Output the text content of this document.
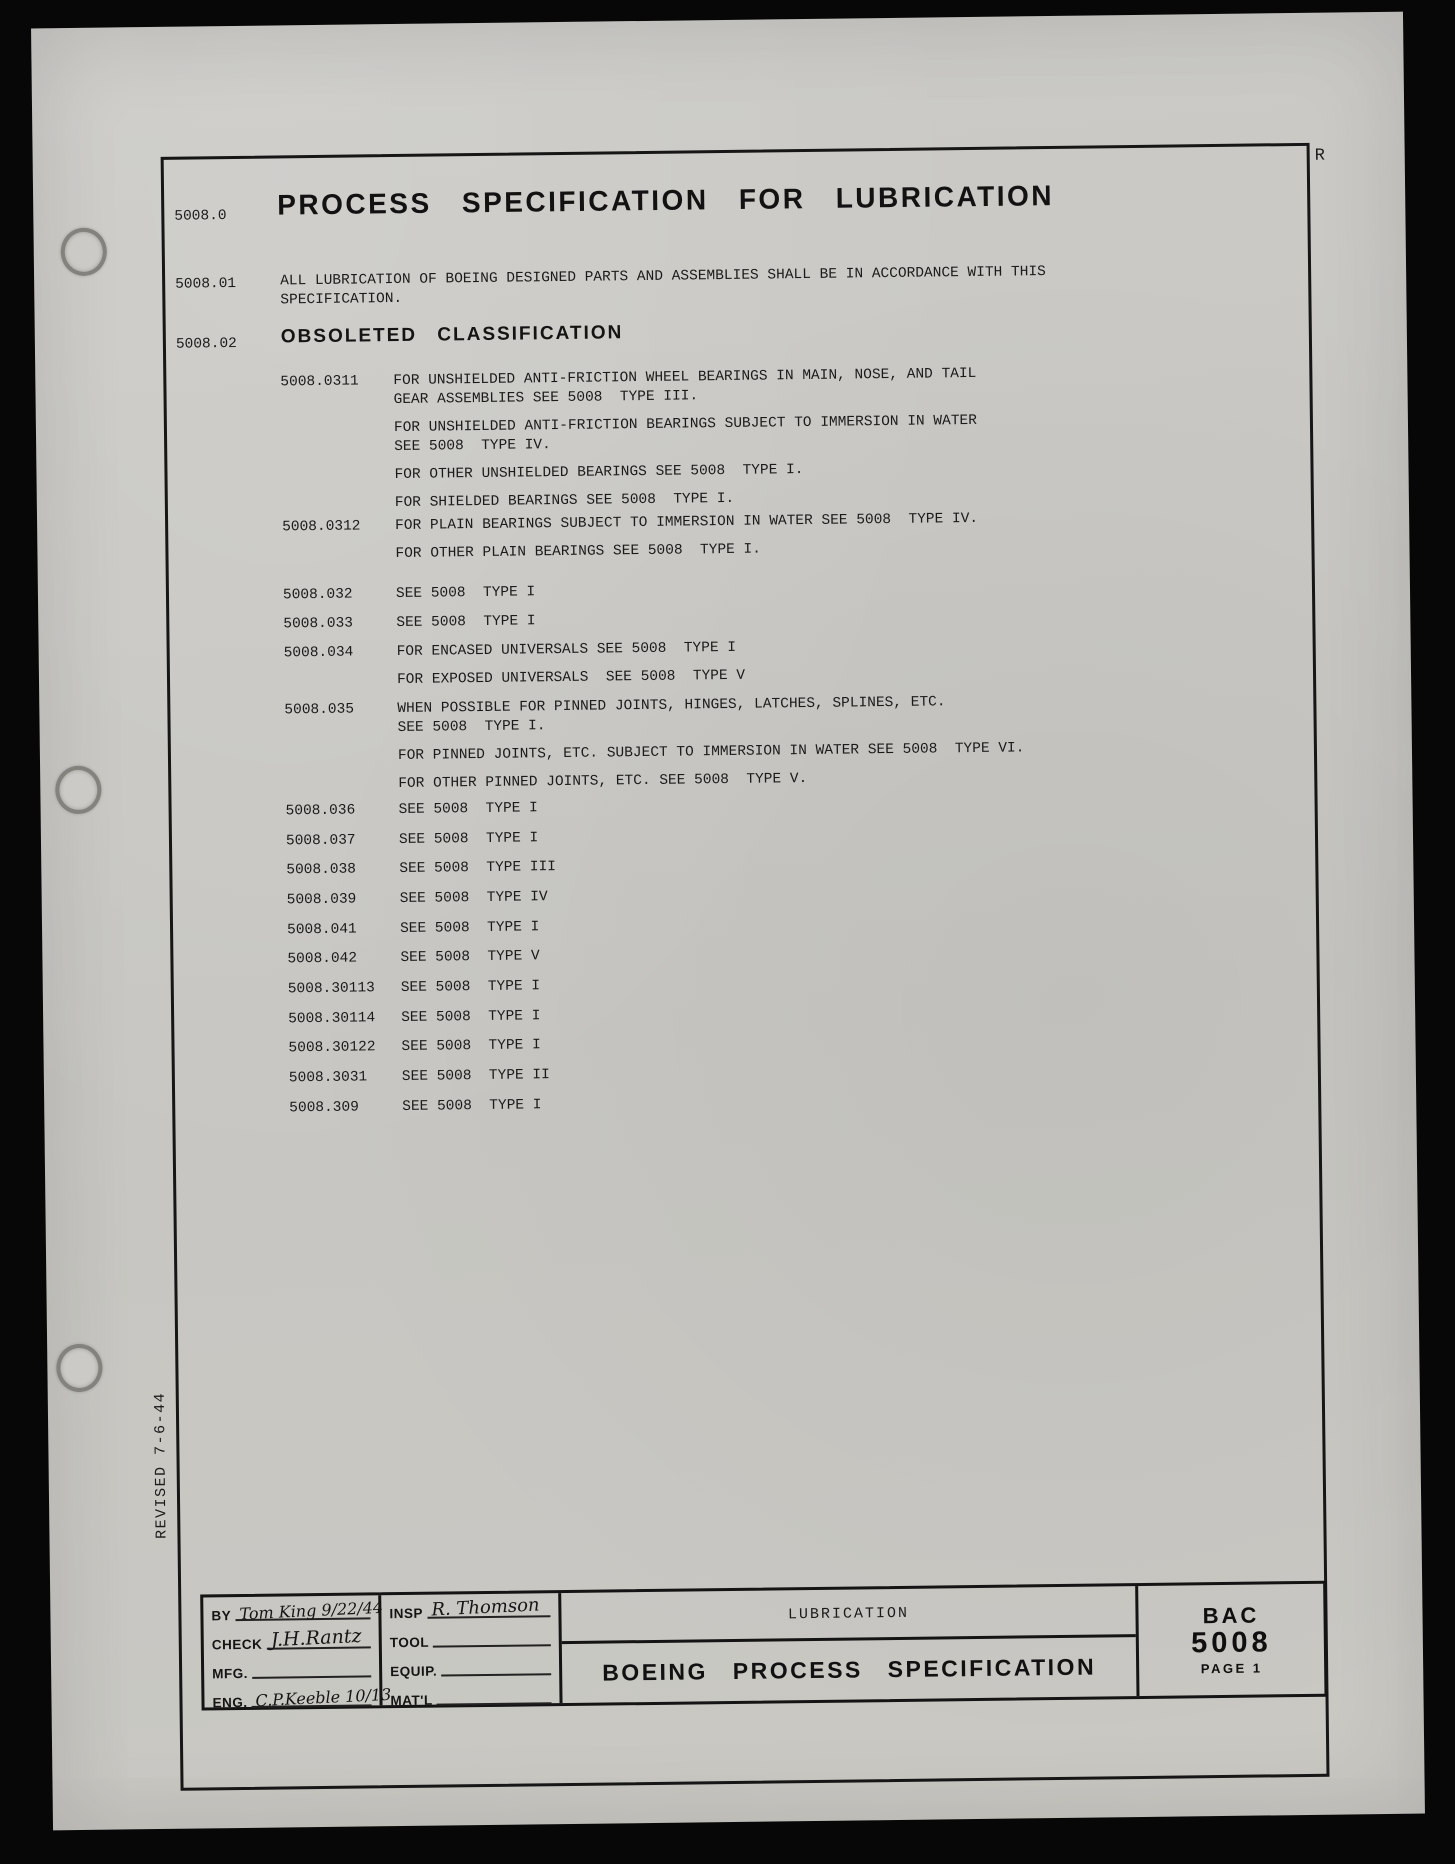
R
5008.0 PROCESS SPECIFICATION FOR LUBRICATION
5008.01	ALL LUBRICATION OF BOEING DESIGNED PARTS AND ASSEMBLIES SHALL BE IN ACCORDANCE WITH THIS
SPECIFICATION.
5008.02 OBSOLETED CLASSIFICATION
5008.0311 FOR UNSHIELDED ANTI-FRICTION WHEEL BEARINGS IN MAIN, NOSE, AND TAIL
GEAR ASSEMBLIES SEE 5008  TYPE III.

FOR UNSHIELDED ANTI-FRICTION BEARINGS SUBJECT TO IMMERSION IN WATER
SEE 5008  TYPE IV.

FOR OTHER UNSHIELDED BEARINGS SEE 5008  TYPE I.

FOR SHIELDED BEARINGS SEE 5008  TYPE I.

5008.0312 FOR PLAIN BEARINGS SUBJECT TO IMMERSION IN WATER SEE 5008  TYPE IV.

FOR OTHER PLAIN BEARINGS SEE 5008  TYPE I.

5008.032	SEE 5008  TYPE I

5008.033	SEE 5008  TYPE I

5008.034	FOR ENCASED UNIVERSALS SEE 5008  TYPE I

FOR EXPOSED UNIVERSALS  SEE 5008  TYPE V

5008.035	WHEN POSSIBLE FOR PINNED JOINTS, HINGES, LATCHES, SPLINES, ETC.
SEE 5008  TYPE I.

FOR PINNED JOINTS, ETC. SUBJECT TO IMMERSION IN WATER SEE 5008  TYPE VI.

FOR OTHER PINNED JOINTS, ETC. SEE 5008  TYPE V.

5008.036	SEE 5008  TYPE I

5008.037	SEE 5008  TYPE I

5008.038	SEE 5008  TYPE III

5008.039	SEE 5008  TYPE IV

5008.041	SEE 5008  TYPE I

5008.042	SEE 5008  TYPE V

5008.30113 SEE 5008  TYPE I

5008.30114 SEE 5008  TYPE I

5008.30122 SEE 5008  TYPE I

5008.3031 SEE 5008  TYPE II

5008.309	SEE 5008  TYPE I

REVISED 7-6-44
BY Tom King 9/22/44
CHECK J.H.Rantz
MFG.
ENG. C.P.Keeble 10/13
INSP R. Thomson
TOOL
EQUIP.
MAT'L
LUBRICATION
BOEING PROCESS SPECIFICATION
BAC
5008
PAGE 1
